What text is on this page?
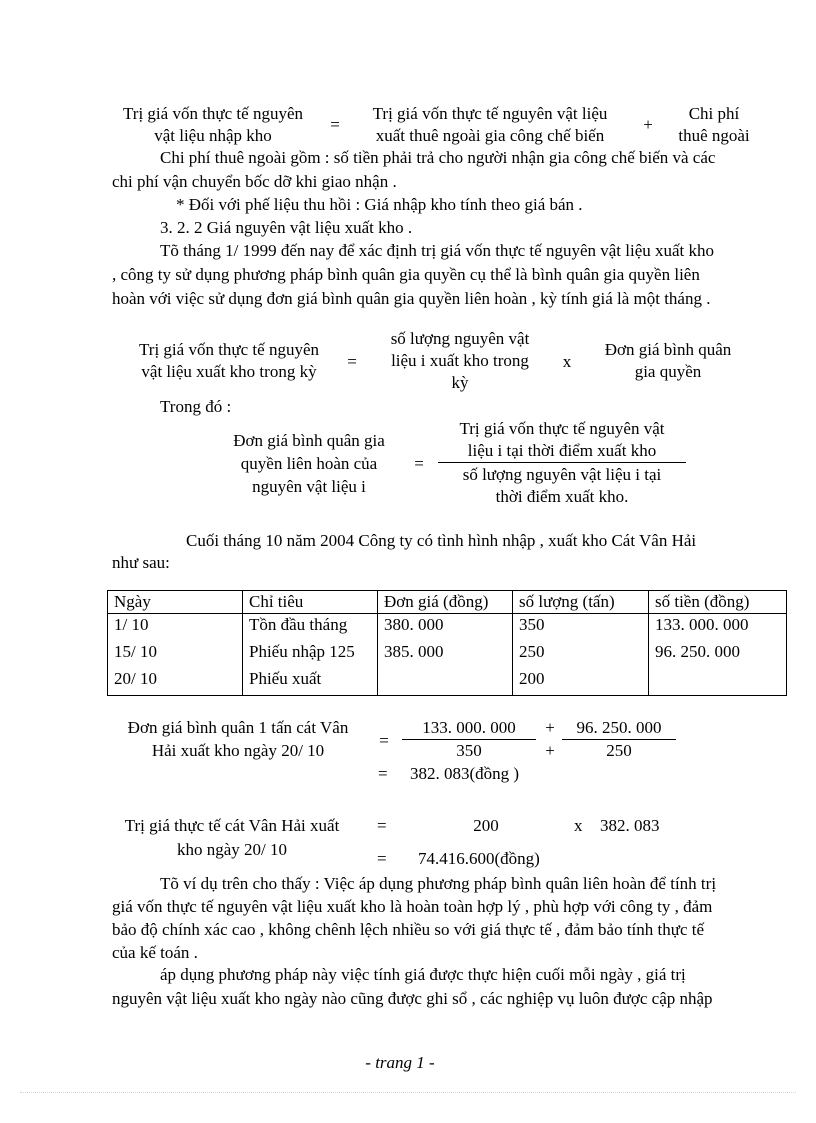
Trị giá vốn thực tế nguyên
vật liệu nhập kho
=
Trị giá vốn thực tế nguyên vật liệu
xuất thuê ngoài gia công chế biến
+
Chi phí
thuê ngoài
Chi phí thuê ngoài gồm : số tiền phải trả cho người nhận gia công chế biến và các
chi phí vận chuyển bốc dỡ khi giao nhận .
* Đối với phế liệu thu hồi : Giá nhập kho tính theo giá bán .
3. 2. 2 Giá nguyên vật liệu xuất kho .
Tõ tháng 1/ 1999 đến nay để xác định trị giá vốn thực tế nguyên vật liệu xuất kho
, công ty sử dụng phương pháp bình quân gia quyền cụ thể là bình quân gia quyền liên
hoàn với việc sử dụng đơn giá bình quân gia quyền liên hoàn , kỳ tính giá là một tháng .
Trị giá vốn thực tế nguyên
vật liệu xuất kho trong kỳ
=
số lượng nguyên vật
liệu i xuất kho trong
kỳ
x
Đơn giá bình quân
gia quyền
Trong đó :
Đơn giá bình quân gia
quyền liên hoàn của
nguyên vật liệu i
=
Trị giá vốn thực tế nguyên vật
liệu i tại thời điểm xuất kho
số lượng nguyên vật liệu i tại
thời điểm xuất kho.
Cuối tháng 10 năm 2004 Công ty có tình hình nhập , xuất kho Cát Vân Hải
như sau:
Ngày	Chỉ tiêu	Đơn giá (đồng)	số lượng (tấn)	số tiền (đồng)
1/ 10	Tồn đầu tháng	380. 000	350	133. 000. 000
15/ 10	Phiếu nhập 125	385. 000	250	96. 250. 000
20/ 10	Phiếu xuất		200	
Đơn giá bình quân 1 tấn cát Vân
Hải xuất kho ngày 20/ 10
=
133. 000. 000
350
+
+
96. 250. 000
250
= 382. 083(đồng )
Trị giá thực tế cát Vân Hải xuất
kho ngày 20/ 10
=	200	x 382. 083
= 74.416.600(đồng)
Tõ ví dụ trên cho thấy : Việc áp dụng phương pháp bình quân liên hoàn để tính trị
giá vốn thực tế nguyên vật liệu xuất kho là hoàn toàn hợp lý , phù hợp với công ty , đảm
bảo độ chính xác cao , không chênh lệch nhiều so với giá thực tế , đảm bảo tính thực tế
của kế toán .
áp dụng phương pháp này việc tính giá được thực hiện cuối mỗi ngày , giá trị
nguyên vật liệu xuất kho ngày nào cũng được ghi sổ , các nghiệp vụ luôn được cập nhập
- trang 1 -
